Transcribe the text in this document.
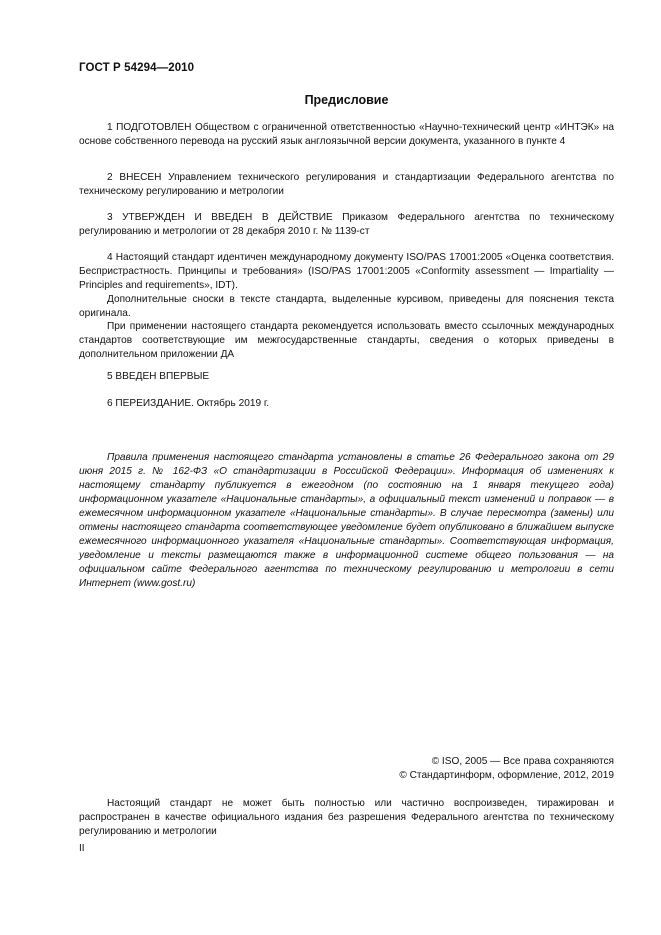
ГОСТ Р 54294—2010
Предисловие

1 ПОДГОТОВЛЕН Обществом с ограниченной ответственностью «Научно-технический центр «ИНТЭК» на основе собственного перевода на русский язык англоязычной версии документа, указанного в пункте 4

2 ВНЕСЕН Управлением технического регулирования и стандартизации Федерального агентства по техническому регулированию и метрологии

3 УТВЕРЖДЕН И ВВЕДЕН В ДЕЙСТВИЕ Приказом Федерального агентства по техническому регулированию и метрологии от 28 декабря 2010 г. № 1139-ст

4 Настоящий стандарт идентичен международному документу ISO/PAS 17001:2005 «Оценка соответствия. Беспристрастность. Принципы и требования» (ISO/PAS 17001:2005 «Conformity assessment — Impartiality — Principles and requirements», IDT).

Дополнительные сноски в тексте стандарта, выделенные курсивом, приведены для пояснения текста оригинала.

При применении настоящего стандарта рекомендуется использовать вместо ссылочных международных стандартов соответствующие им межгосударственные стандарты, сведения о которых приведены в дополнительном приложении ДА

5 ВВЕДЕН ВПЕРВЫЕ

6 ПЕРЕИЗДАНИЕ. Октябрь 2019 г.

Правила применения настоящего стандарта установлены в статье 26 Федерального закона от 29 июня 2015 г. № 162-ФЗ «О стандартизации в Российской Федерации». Информация об изменениях к настоящему стандарту публикуется в ежегодном (по состоянию на 1 января текущего года) информационном указателе «Национальные стандарты», а официальный текст изменений и поправок — в ежемесячном информационном указателе «Национальные стандарты». В случае пересмотра (замены) или отмены настоящего стандарта соответствующее уведомление будет опубликовано в ближайшем выпуске ежемесячного информационного указателя «Национальные стандарты». Соответствующая информация, уведомление и тексты размещаются также в информационной системе общего пользования — на официальном сайте Федерального агентства по техническому регулированию и метрологии в сети Интернет (www.gost.ru)

© ISO, 2005 — Все права сохраняются
© Стандартинформ, оформление, 2012, 2019

Настоящий стандарт не может быть полностью или частично воспроизведен, тиражирован и распространен в качестве официального издания без разрешения Федерального агентства по техническому регулированию и метрологии

II
